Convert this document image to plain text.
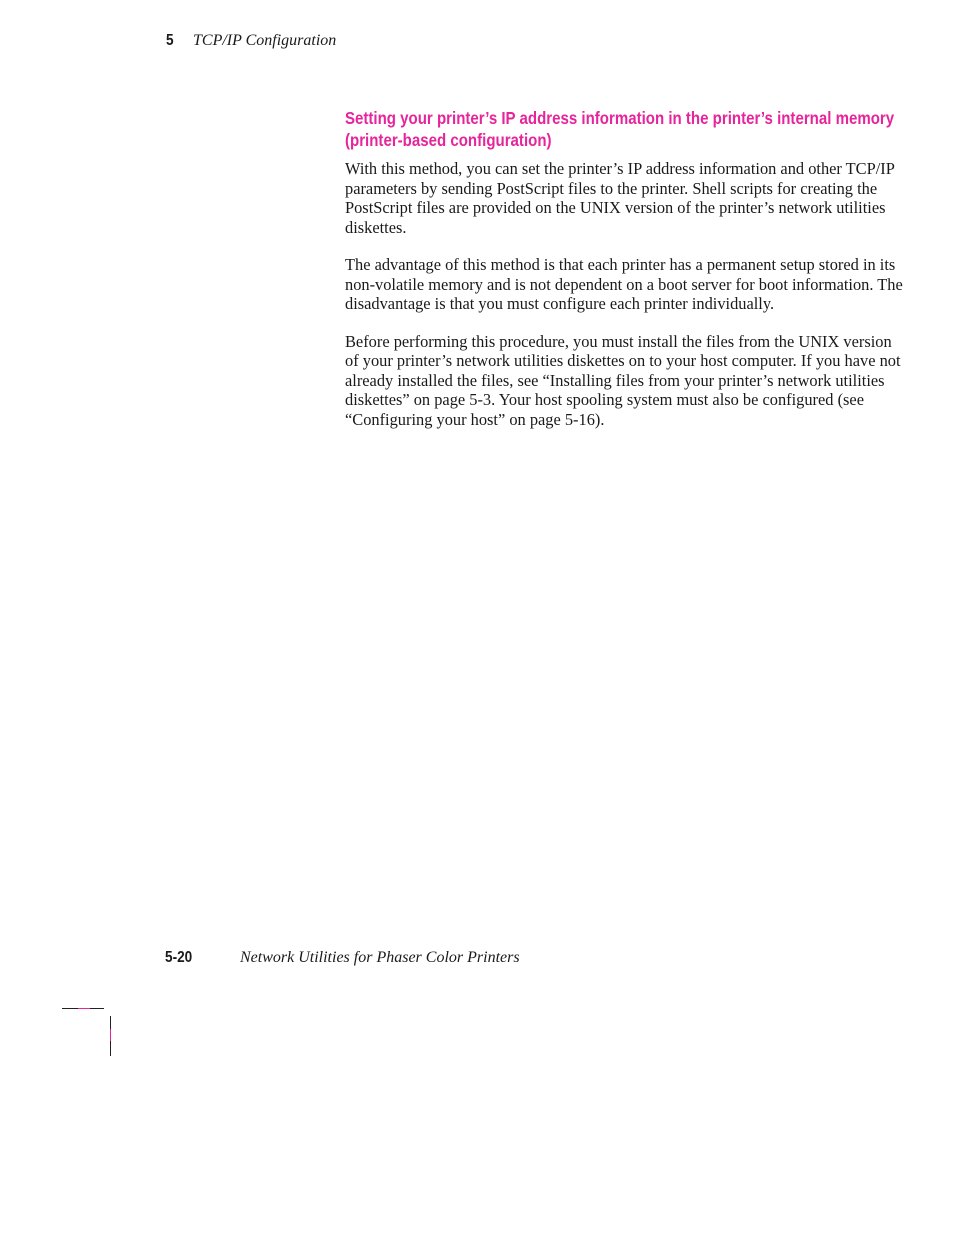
5 TCP/IP Configuration
Setting your printer’s IP address information in the printer’s internal memory (printer-based configuration)

With this method, you can set the printer’s IP address information and other TCP/IP parameters by sending PostScript files to the printer. Shell scripts for creating the PostScript files are provided on the UNIX version of the printer’s network utilities diskettes.

The advantage of this method is that each printer has a permanent setup stored in its non-volatile memory and is not dependent on a boot server for boot information. The disadvantage is that you must configure each printer individually.

Before performing this procedure, you must install the files from the UNIX version of your printer’s network utilities diskettes on to your host computer. If you have not already installed the files, see “Installing files from your printer’s network utilities diskettes” on page 5-3. Your host spooling system must also be configured (see “Configuring your host” on page 5-16).

5-20	Network Utilities for Phaser Color Printers
